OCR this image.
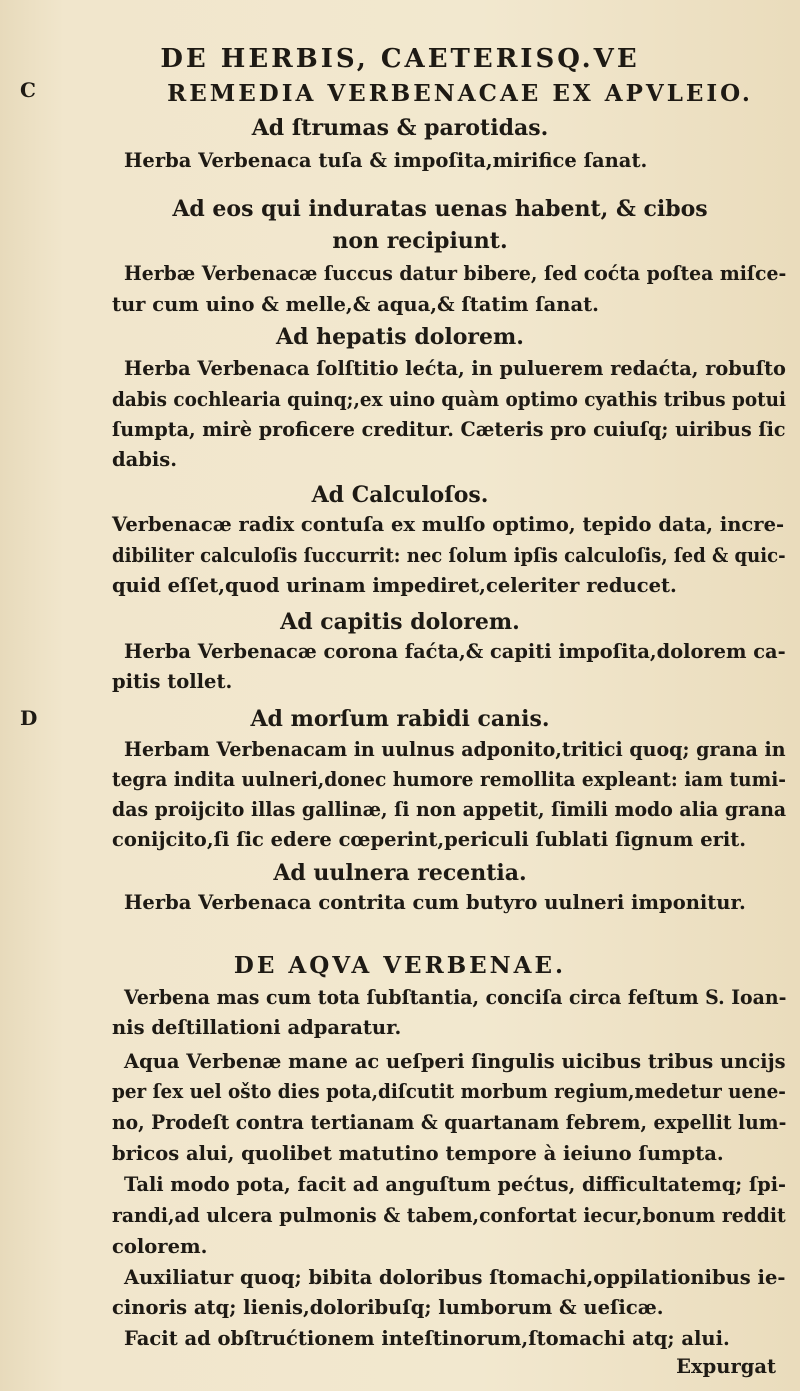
DE HERBIS, CAETERISQ.VE
C
D
REMEDIA VERBENACAE EX APVLEIO.
Ad ſtrumas & parotidas.
Herba Verbenaca tuſa & impoſita,mirifice ſanat.
Ad eos qui induratas uenas habent, & cibos
non recipiunt.
Herbæ Verbenacæ ſuccus datur bibere, ſed coćta poſtea miſce-
tur cum uino & melle,& aqua,& ſtatim ſanat.
Ad hepatis dolorem.
Herba Verbenaca ſolſtitio lećta, in puluerem redaćta, robuſto
dabis cochlearia quinq;,ex uino quàm optimo cyathis tribus potui
ſumpta, mirè proficere creditur. Cæteris pro cuiuſq; uiribus ſic
dabis.
Ad Calculoſos.
Verbenacæ radix contuſa ex mulſo optimo, tepido data, incre-
dibiliter calculoſis ſuccurrit: nec ſolum ipſis calculoſis, ſed & quic-
quid eſſet,quod urinam impediret,celeriter reducet.
Ad capitis dolorem.
Herba Verbenacæ corona faćta,& capiti impoſita,dolorem ca-
pitis tollet.
Ad morſum rabidi canis.
Herbam Verbenacam in uulnus adponito,tritici quoq; grana in
tegra indita uulneri,donec humore remollita expleant: iam tumi-
das proijcito illas gallinæ, ſi non appetit, ſimili modo alia grana
conijcito,ſi ſic edere cœperint,periculi ſublati ſignum erit.
Ad uulnera recentia.
Herba Verbenaca contrita cum butyro uulneri imponitur.
DE AQVA VERBENAE.
Verbena mas cum tota ſubſtantia, conciſa circa feſtum S. Ioan-
nis deſtillationi adparatur.
Aqua Verbenæ mane ac ueſperi ſingulis uicibus tribus uncijs
per ſex uel ošto dies pota,diſcutit morbum regium,medetur uene-
no, Prodeſt contra tertianam & quartanam febrem, expellit lum-
bricos alui, quolibet matutino tempore à ieiuno ſumpta.
Tali modo pota, facit ad anguſtum pećtus, difficultatemq; ſpi-
randi,ad ulcera pulmonis & tabem,confortat iecur,bonum reddit
colorem.
Auxiliatur quoq; bibita doloribus ſtomachi,oppilationibus ie-
cinoris atq; lienis,doloribuſq; lumborum & ueſicæ.
Facit ad obſtrućtionem inteſtinorum,ſtomachi atq; alui.
Expurgat
